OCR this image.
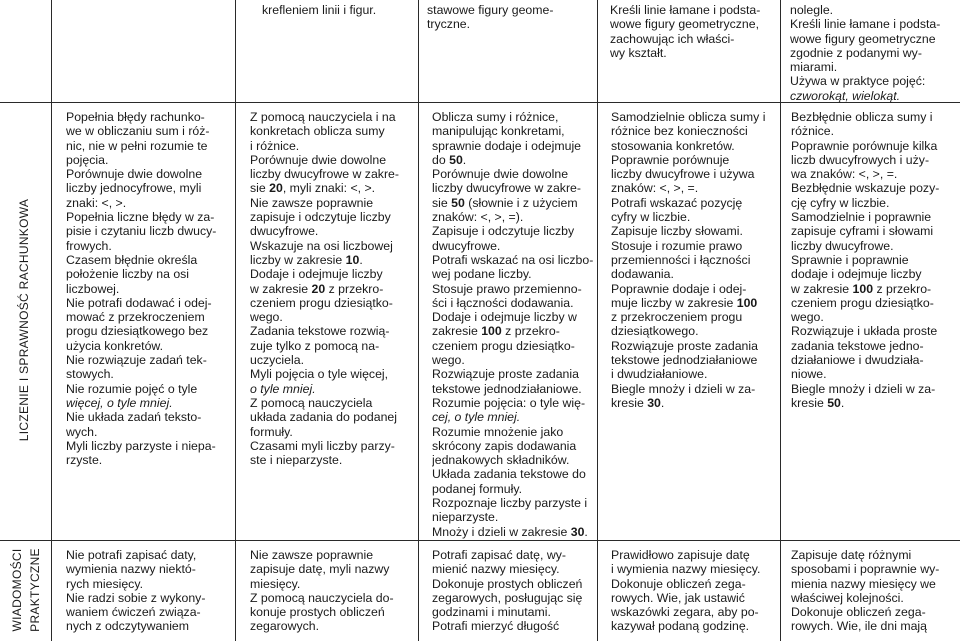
LICZENIE I SPRAWNOŚĆ RACHUNKOWA
WIADOMOŚCI PRAKTYCZNE
krefleniem linii i figur.	stawowe figury geome-
tryczne.
Kreśli linie łamane i podsta-
wowe figury geometryczne,
zachowując ich właści-
wy kształt.
nolegle.
Kreśli linie łamane i podsta-
wowe figury geometryczne
zgodnie z podanymi wy-
miarami.
Używa w praktyce pojęć:
czworokąt, wielokąt.
Popełnia błędy rachunko-
we w obliczaniu sum i róż-
nic, nie w pełni rozumie te
pojęcia.
Porównuje dwie dowolne
liczby jednocyfrowe, myli
znaki: <, >.
Popełnia liczne błędy w za-
pisie i czytaniu liczb dwucy-
frowych.
Czasem błędnie określa
położenie liczby na osi
liczbowej.
Nie potrafi dodawać i odej-
mować z przekroczeniem
progu dziesiątkowego bez
użycia konkretów.
Nie rozwiązuje zadań tek-
stowych.
Nie rozumie pojęć o tyle
więcej, o tyle mniej.
Nie układa zadań teksto-
wych.
Myli liczby parzyste i niepa-
rzyste.
Z pomocą nauczyciela i na
konkretach oblicza sumy
i różnice.
Porównuje dwie dowolne
liczby dwucyfrowe w zakre-
sie 20, myli znaki: <, >.
Nie zawsze poprawnie
zapisuje i odczytuje liczby
dwucyfrowe.
Wskazuje na osi liczbowej
liczby w zakresie 10.
Dodaje i odejmuje liczby
w zakresie 20 z przekro-
czeniem progu dziesiątko-
wego.
Zadania tekstowe rozwią-
zuje tylko z pomocą na-
uczyciela.
Myli pojęcia o tyle więcej,
o tyle mniej.
Z pomocą nauczyciela
układa zadania do podanej
formuły.
Czasami myli liczby parzy-
ste i nieparzyste.
Oblicza sumy i różnice,
manipulując konkretami,
sprawnie dodaje i odejmuje
do 50.
Porównuje dwie dowolne
liczby dwucyfrowe w zakre-
sie 50 (słownie i z użyciem
znaków: <, >, =).
Zapisuje i odczytuje liczby
dwucyfrowe.
Potrafi wskazać na osi liczbo-
wej podane liczby.
Stosuje prawo przemienno-
ści i łączności dodawania.
Dodaje i odejmuje liczby w
zakresie 100 z przekro-
czeniem progu dziesiątko-
wego.
Rozwiązuje proste zadania
tekstowe jednodziałaniowe.
Rozumie pojęcia: o tyle wię-
cej, o tyle mniej.
Rozumie mnożenie jako
skrócony zapis dodawania
jednakowych składników.
Układa zadania tekstowe do
podanej formuły.
Rozpoznaje liczby parzyste i
nieparzyste.
Mnoży i dzieli w zakresie 30.
Samodzielnie oblicza sumy i
różnice bez konieczności
stosowania konkretów.
Poprawnie porównuje
liczby dwucyfrowe i używa
znaków: <, >, =.
Potrafi wskazać pozycję
cyfry w liczbie.
Zapisuje liczby słowami.
Stosuje i rozumie prawo
przemienności i łączności
dodawania.
Poprawnie dodaje i odej-
muje liczby w zakresie 100
z przekroczeniem progu
dziesiątkowego.
Rozwiązuje proste zadania
tekstowe jednodziałaniowe
i dwudziałaniowe.
Biegle mnoży i dzieli w za-
kresie 30.
Bezbłędnie oblicza sumy i
różnice.
Poprawnie porównuje kilka
liczb dwucyfrowych i uży-
wa znaków: <, >, =.
Bezbłędnie wskazuje pozy-
cję cyfry w liczbie.
Samodzielnie i poprawnie
zapisuje cyframi i słowami
liczby dwucyfrowe.
Sprawnie i poprawnie
dodaje i odejmuje liczby
w zakresie 100 z przekro-
czeniem progu dziesiątko-
wego.
Rozwiązuje i układa proste
zadania tekstowe jedno-
działaniowe i dwudziała-
niowe.
Biegle mnoży i dzieli w za-
kresie 50.
Nie potrafi zapisać daty,
wymienia nazwy niektó-
rych miesięcy.
Nie radzi sobie z wykony-
waniem ćwiczeń związa-
nych z odczytywaniem
Nie zawsze poprawnie
zapisuje datę, myli nazwy
miesięcy.
Z pomocą nauczyciela do-
konuje prostych obliczeń
zegarowych.
Potrafi zapisać datę, wy-
mienić nazwy miesięcy.
Dokonuje prostych obliczeń
zegarowych, posługując się
godzinami i minutami.
Potrafi mierzyć długość
Prawidłowo zapisuje datę
i wymienia nazwy miesięcy.
Dokonuje obliczeń zega-
rowych. Wie, jak ustawić
wskazówki zegara, aby po-
kazywał podaną godzinę.
Zapisuje datę różnymi
sposobami i poprawnie wy-
mienia nazwy miesięcy we
właściwej kolejności.
Dokonuje obliczeń zega-
rowych. Wie, ile dni mają
